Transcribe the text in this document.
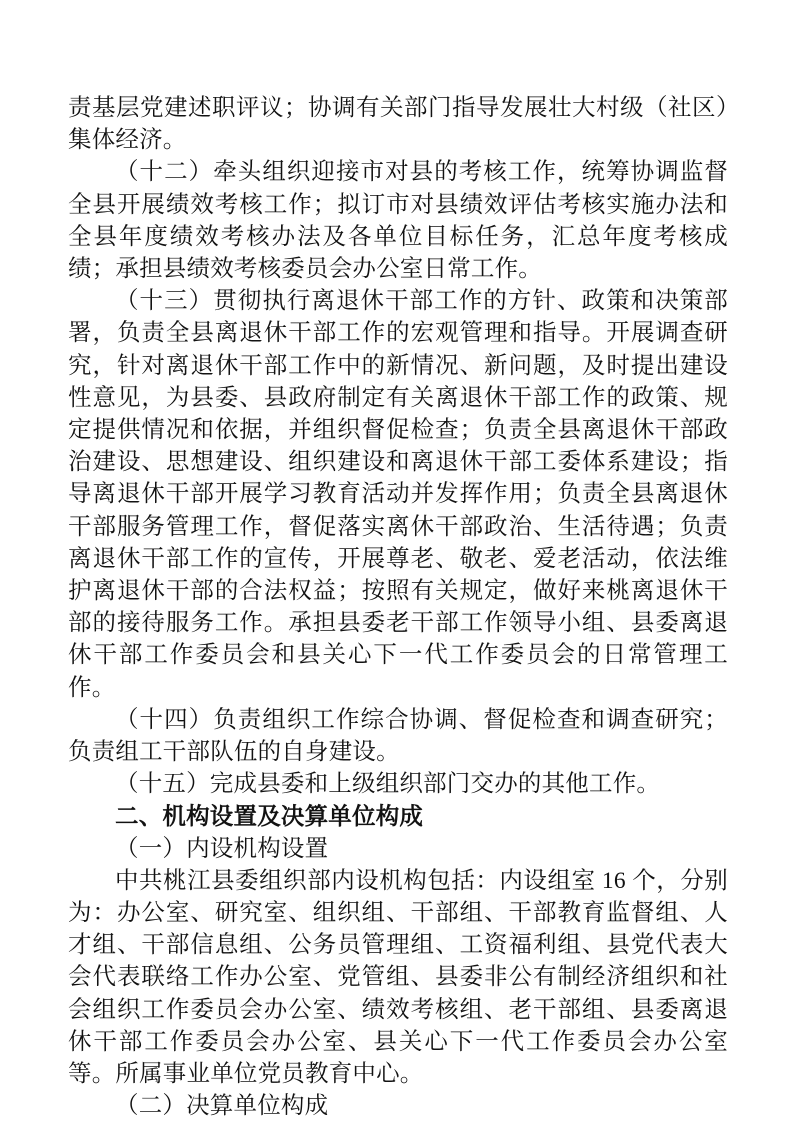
责基层党建述职评议；协调有关部门指导发展壮大村级（社区）集体经济。

（十二）牵头组织迎接市对县的考核工作，统筹协调监督全县开展绩效考核工作；拟订市对县绩效评估考核实施办法和全县年度绩效考核办法及各单位目标任务，汇总年度考核成绩；承担县绩效考核委员会办公室日常工作。

（十三）贯彻执行离退休干部工作的方针、政策和决策部署，负责全县离退休干部工作的宏观管理和指导。开展调查研究，针对离退休干部工作中的新情况、新问题，及时提出建设性意见，为县委、县政府制定有关离退休干部工作的政策、规定提供情况和依据，并组织督促检查；负责全县离退休干部政治建设、思想建设、组织建设和离退休干部工委体系建设；指导离退休干部开展学习教育活动并发挥作用；负责全县离退休干部服务管理工作，督促落实离休干部政治、生活待遇；负责离退休干部工作的宣传，开展尊老、敬老、爱老活动，依法维护离退休干部的合法权益；按照有关规定，做好来桃离退休干部的接待服务工作。承担县委老干部工作领导小组、县委离退休干部工作委员会和县关心下一代工作委员会的日常管理工作。

（十四）负责组织工作综合协调、督促检查和调查研究；负责组工干部队伍的自身建设。

（十五）完成县委和上级组织部门交办的其他工作。

二、机构设置及决算单位构成

（一）内设机构设置

中共桃江县委组织部内设机构包括：内设组室 16 个，分别为：办公室、研究室、组织组、干部组、干部教育监督组、人才组、干部信息组、公务员管理组、工资福利组、县党代表大会代表联络工作办公室、党管组、县委非公有制经济组织和社会组织工作委员会办公室、绩效考核组、老干部组、县委离退休干部工作委员会办公室、县关心下一代工作委员会办公室等。所属事业单位党员教育中心。

（二）决算单位构成
